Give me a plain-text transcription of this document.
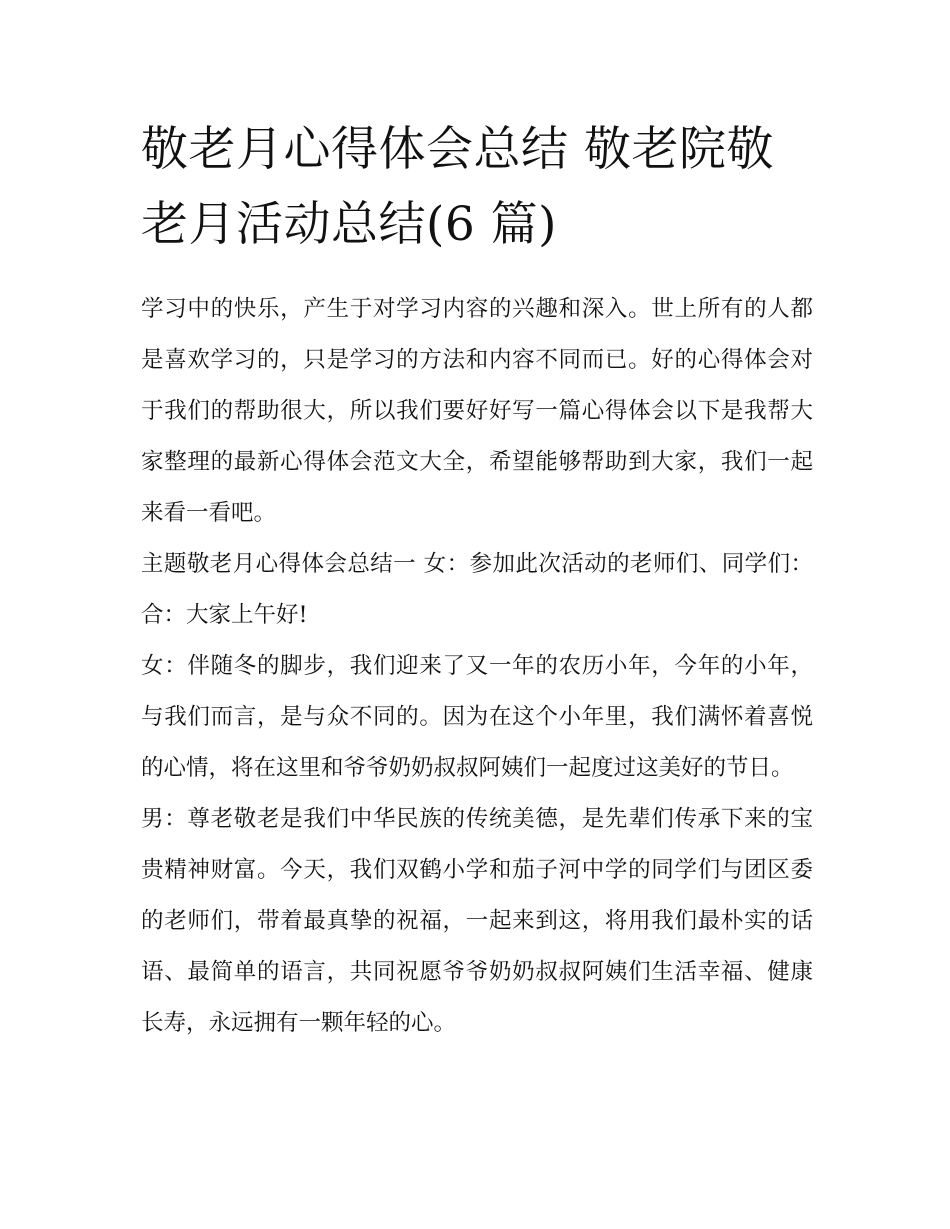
敬老月心得体会总结 敬老院敬老月活动总结(6 篇)

学习中的快乐，产生于对学习内容的兴趣和深入。世上所有的人都是喜欢学习的，只是学习的方法和内容不同而已。好的心得体会对于我们的帮助很大，所以我们要好好写一篇心得体会以下是我帮大家整理的最新心得体会范文大全，希望能够帮助到大家，我们一起来看一看吧。

主题敬老月心得体会总结一 女：参加此次活动的老师们、同学们： 合：大家上午好!

女：伴随冬的脚步，我们迎来了又一年的农历小年，今年的小年，与我们而言，是与众不同的。因为在这个小年里，我们满怀着喜悦的心情，将在这里和爷爷奶奶叔叔阿姨们一起度过这美好的节日。

男：尊老敬老是我们中华民族的传统美德，是先辈们传承下来的宝贵精神财富。今天，我们双鹤小学和茄子河中学的同学们与团区委的老师们，带着最真挚的祝福，一起来到这，将用我们最朴实的话语、最简单的语言，共同祝愿爷爷奶奶叔叔阿姨们生活幸福、健康长寿，永远拥有一颗年轻的心。
